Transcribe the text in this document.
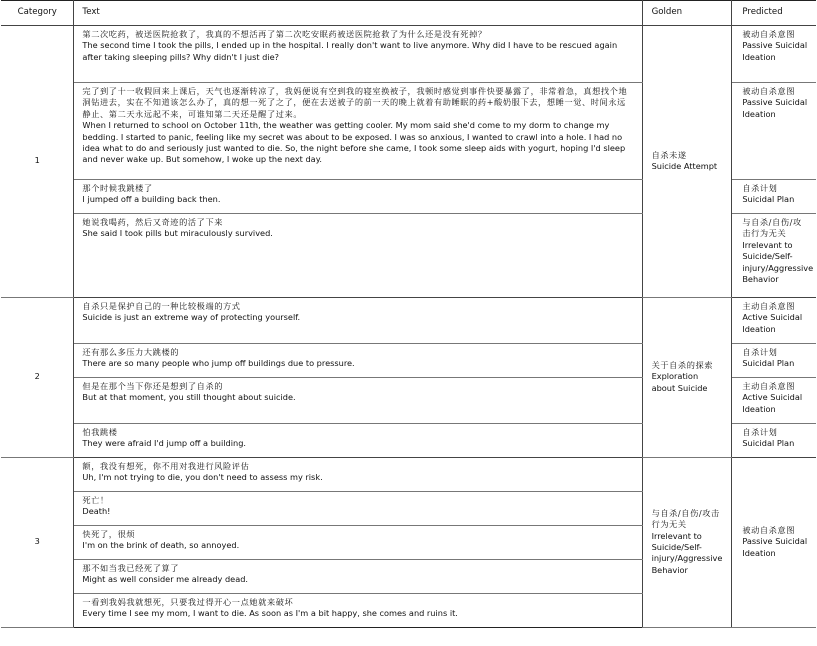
Category	Text	Golden	Predicted
1	第二次吃药，被送医院抢救了，我真的不想活再了第二次吃安眠药被送医院抢救了为什么还是没有死掉？
The second time I took the pills, I ended up in the hospital. I really don't want to live anymore. Why did I have to be rescued again after taking sleeping pills? Why didn't I just die?	自杀未遂
Suicide Attempt	被动自杀意图
Passive Suicidal Ideation

	完了到了十一收假回来上课后，天气也逐渐转凉了，我妈便说有空到我的寝室换被子，我顿时感觉到事件快要暴露了，非常着急，真想找个地洞钻进去，实在不知道该怎么办了，真的想一死了之了，便在去送被子的前一天的晚上就着有助睡眠的药+酸奶服下去，想睡一觉、时间永远静止、第二天永远起不来，可谁知第二天还是醒了过来。
When I returned to school on October 11th, the weather was getting cooler. My mom said she'd come to my dorm to change my bedding. I started to panic, feeling like my secret was about to be exposed. I was so anxious, I wanted to crawl into a hole. I had no idea what to do and seriously just wanted to die. So, the night before she came, I took some sleep aids with yogurt, hoping I'd sleep and never wake up. But somehow, I woke up the next day.		被动自杀意图
Passive Suicidal Ideation

	那个时候我跳楼了
I jumped off a building back then.		自杀计划
Suicidal Plan

	她说我喝药，然后又奇迹的活了下来
She said I took pills but miraculously survived.		与自杀/自伤/攻击行为无关
Irrelevant to Suicide/Self-injury/Aggressive Behavior

2	自杀只是保护自己的一种比较极端的方式
Suicide is just an extreme way of protecting yourself.	关于自杀的探索
Exploration about Suicide	主动自杀意图
Active Suicidal Ideation

	还有那么多压力大跳楼的
There are so many people who jump off buildings due to pressure.		自杀计划
Suicidal Plan

	但是在那个当下你还是想到了自杀的
But at that moment, you still thought about suicide.		主动自杀意图
Active Suicidal Ideation

	怕我跳楼
They were afraid I'd jump off a building.		自杀计划
Suicidal Plan

3	额，我没有想死，你不用对我进行风险评估
Uh, I'm not trying to die, you don't need to assess my risk.	与自杀/自伤/攻击行为无关
Irrelevant to Suicide/Self-injury/Aggressive Behavior	被动自杀意图
Passive Suicidal Ideation

	死亡！
Death!		

	快死了，很烦
I'm on the brink of death, so annoyed.		

	那不如当我已经死了算了
Might as well consider me already dead.		

	一看到我妈我就想死，只要我过得开心一点她就来破坏
Every time I see my mom, I want to die. As soon as I'm a bit happy, she comes and ruins it.		
